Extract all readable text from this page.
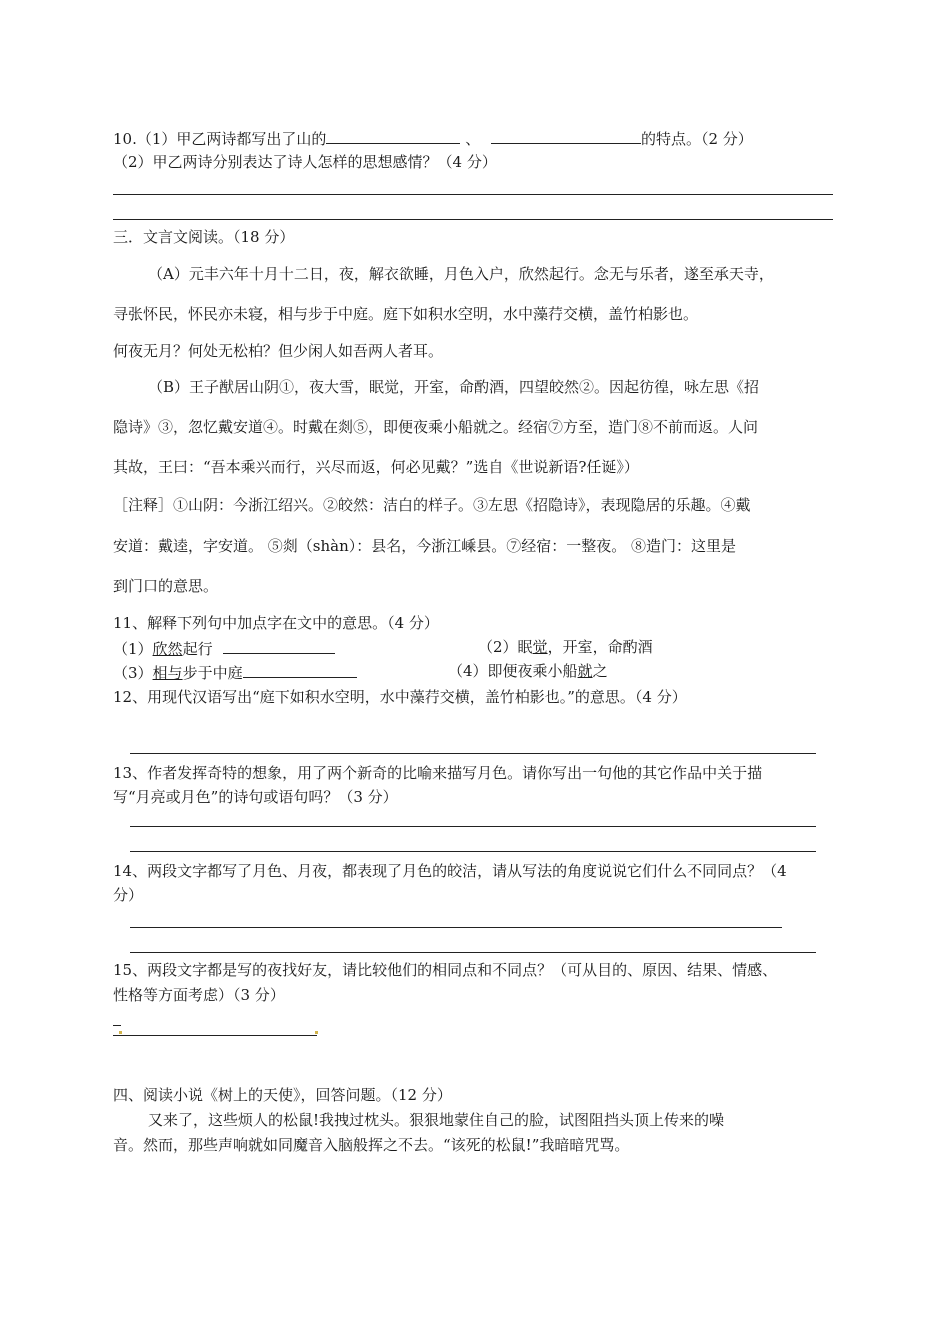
10.（1）甲乙两诗都写出了山的	、	的特点。（2 分）
（2）甲乙两诗分别表达了诗人怎样的思想感情？（4 分）
三．文言文阅读。（18 分）
（A）元丰六年十月十二日，夜，解衣欲睡，月色入户，欣然起行。念无与乐者，遂至承天寺，
寻张怀民，怀民亦未寝，相与步于中庭。庭下如积水空明，水中藻荇交横，盖竹柏影也。
何夜无月？何处无松柏？但少闲人如吾两人者耳。
（B）王子猷居山阴①，夜大雪，眠觉，开室，命酌酒，四望皎然②。因起彷徨，咏左思《招
隐诗》③，忽忆戴安道④。时戴在剡⑤，即便夜乘小船就之。经宿⑦方至，造门⑧不前而返。人问
其故，王曰：“吾本乘兴而行，兴尽而返，何必见戴？”选自《世说新语?任诞》）
［注释］①山阴：今浙江绍兴。②皎然：洁白的样子。③左思《招隐诗》，表现隐居的乐趣。④戴
安道：戴逵，字安道。 ⑤剡（shàn）：县名，今浙江嵊县。⑦经宿：一整夜。 ⑧造门：这里是
到门口的意思。
11、解释下列句中加点字在文中的意思。（4 分）
（1）欣然起行	（2）眠觉，开室，命酌酒
（3）相与步于中庭	（4）即便夜乘小船就之
12、用现代汉语写出“庭下如积水空明，水中藻荇交横，盖竹柏影也。”的意思。（4 分）
13、作者发挥奇特的想象，用了两个新奇的比喻来描写月色。请你写出一句他的其它作品中关于描
写“月亮或月色”的诗句或语句吗？（3 分）
14、两段文字都写了月色、月夜，都表现了月色的皎洁，请从写法的角度说说它们什么不同同点？（4
分）
15、两段文字都是写的夜找好友，请比较他们的相同点和不同点？（可从目的、原因、结果、情感、
性格等方面考虑）（3 分）
四、阅读小说《树上的天使》，回答问题。（12 分）
又来了，这些烦人的松鼠!我拽过枕头。狠狠地蒙住自己的脸，试图阻挡头顶上传来的噪
音。然而，那些声响就如同魔音入脑般挥之不去。“该死的松鼠!”我暗暗咒骂。
